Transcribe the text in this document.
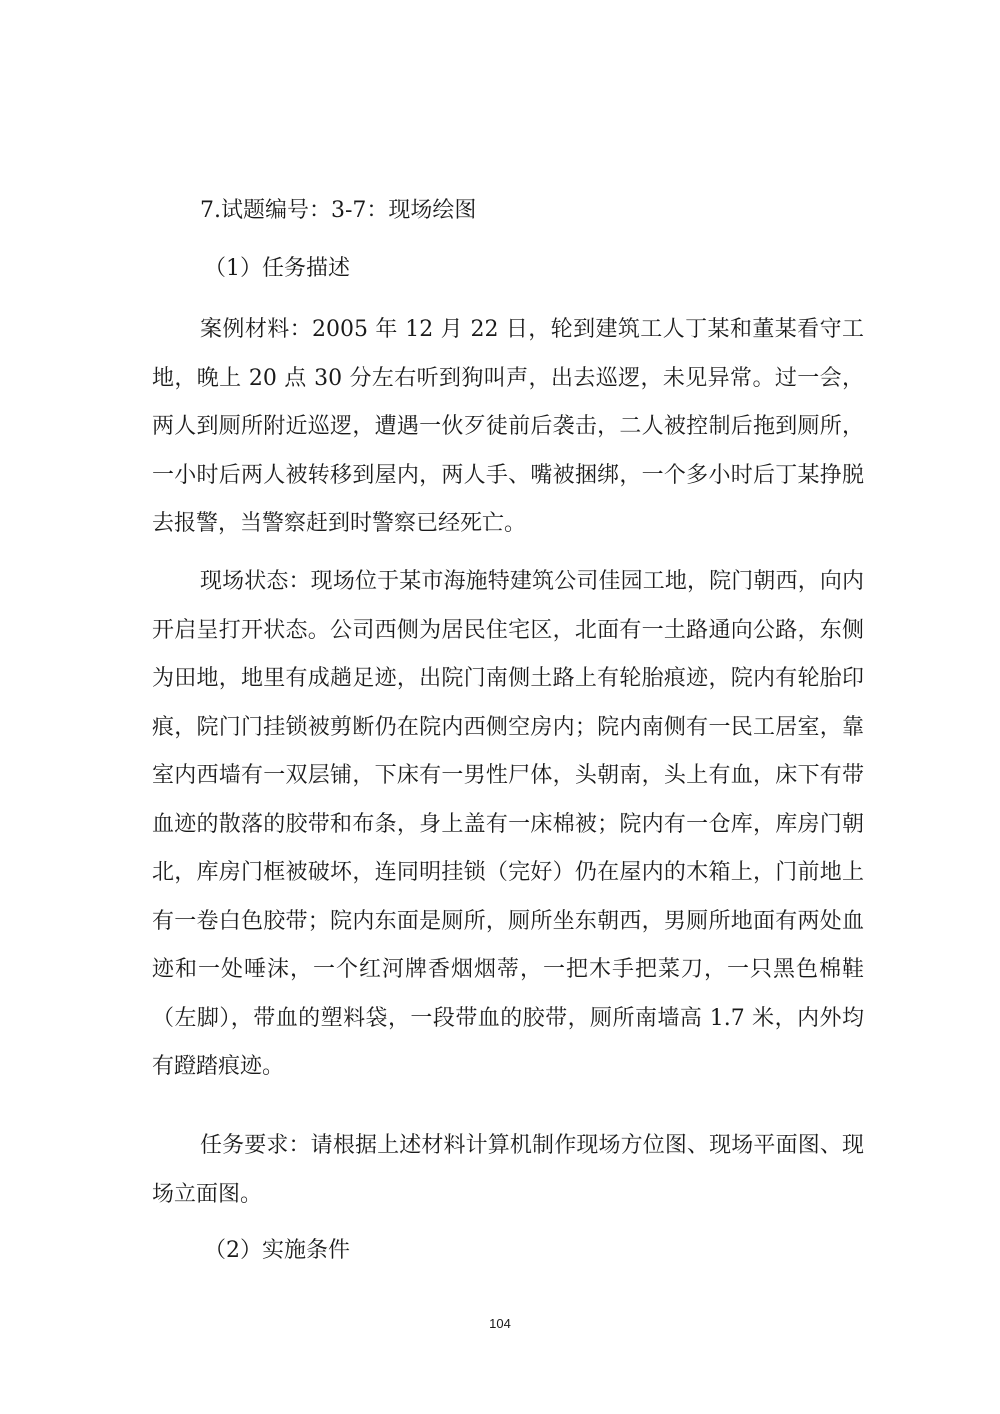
7.试题编号：3-7：现场绘图
（1）任务描述

案例材料：2005 年 12 月 22 日，轮到建筑工人丁某和董某看守工地，晚上 20 点 30 分左右听到狗叫声，出去巡逻，未见异常。过一会，两人到厕所附近巡逻，遭遇一伙歹徒前后袭击，二人被控制后拖到厕所，一小时后两人被转移到屋内，两人手、嘴被捆绑，一个多小时后丁某挣脱去报警，当警察赶到时警察已经死亡。

现场状态：现场位于某市海施特建筑公司佳园工地，院门朝西，向内开启呈打开状态。公司西侧为居民住宅区，北面有一土路通向公路，东侧为田地，地里有成趟足迹，出院门南侧土路上有轮胎痕迹，院内有轮胎印痕，院门门挂锁被剪断仍在院内西侧空房内；院内南侧有一民工居室，靠室内西墙有一双层铺，下床有一男性尸体，头朝南，头上有血，床下有带血迹的散落的胶带和布条，身上盖有一床棉被；院内有一仓库，库房门朝北，库房门框被破坏，连同明挂锁（完好）仍在屋内的木箱上，门前地上有一卷白色胶带；院内东面是厕所，厕所坐东朝西，男厕所地面有两处血迹和一处唾沫，一个红河牌香烟烟蒂，一把木手把菜刀，一只黑色棉鞋（左脚），带血的塑料袋，一段带血的胶带，厕所南墙高 1.7 米，内外均有蹬踏痕迹。

任务要求：请根据上述材料计算机制作现场方位图、现场平面图、现场立面图。

（2）实施条件
104
